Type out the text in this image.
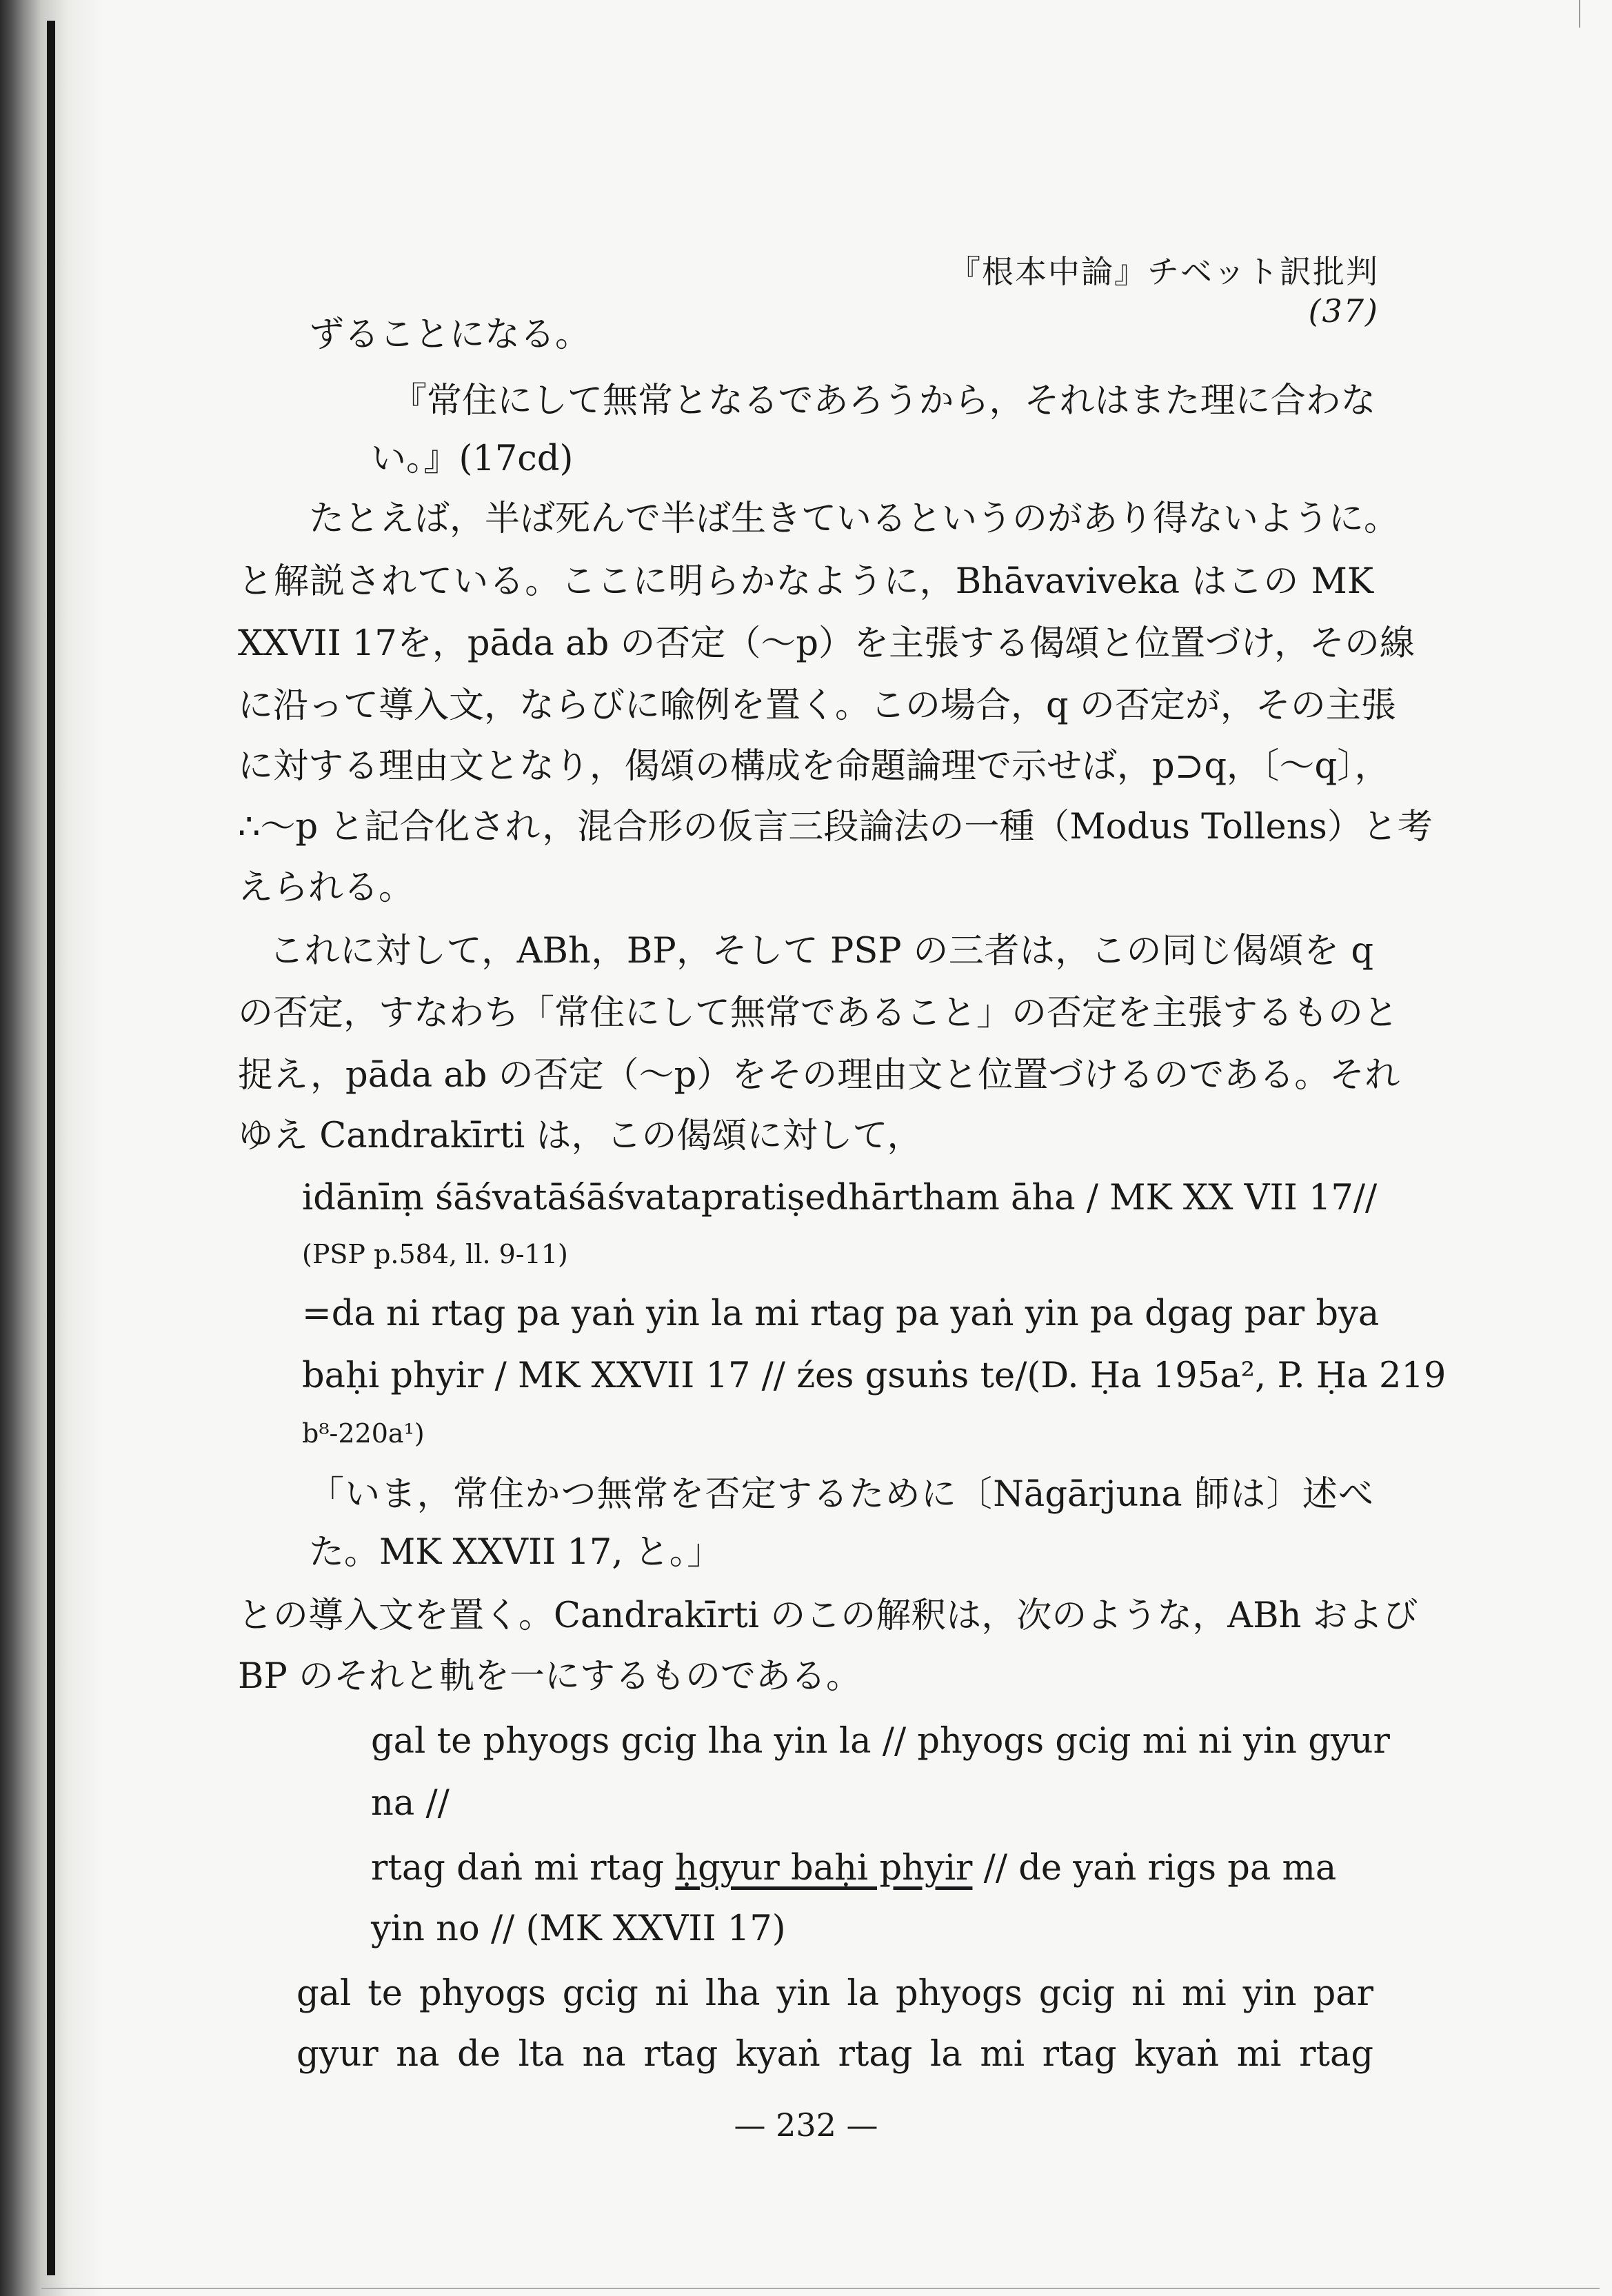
『根本中論』チベット訳批判(37)
ずることになる。
『常住にして無常となるであろうから，それはまた理に合わな
い。』(17cd)
たとえば，半ば死んで半ば生きているというのがあり得ないように。
と解説されている。ここに明らかなように，Bhāvaviveka はこの MK
XXVII 17を，pāda ab の否定（〜p）を主張する偈頌と位置づけ，その線
に沿って導入文，ならびに喩例を置く。この場合，q の否定が，その主張
に対する理由文となり，偈頌の構成を命題論理で示せば，p⊃q，〔〜q〕，
∴〜p と記合化され，混合形の仮言三段論法の一種（Modus Tollens）と考
えられる。
これに対して，ABh，BP，そして PSP の三者は，この同じ偈頌を q
の否定，すなわち「常住にして無常であること」の否定を主張するものと
捉え，pāda ab の否定（〜p）をその理由文と位置づけるのである。それ
ゆえ Candrakīrti は，この偈頌に対して，
idānīṃ śāśvatāśāśvatapratiṣedhārtham āha / MK XX VII 17//
(PSP p.584, ll. 9-11)
=da ni rtag pa yaṅ yin la mi rtag pa yaṅ yin pa dgag par bya
baḥi phyir / MK XXVII 17 // źes gsuṅs te/(D. Ḥa 195a², P. Ḥa 219
b⁸-220a¹)
「いま，常住かつ無常を否定するために〔Nāgārjuna 師は〕述べ
た。MK XXVII 17, と。」
との導入文を置く。Candrakīrti のこの解釈は，次のような，ABh および
BP のそれと軌を一にするものである。
gal te phyogs gcig lha yin la // phyogs gcig mi ni yin gyur
na //
rtag daṅ mi rtag ḥgyur baḥi phyir // de yaṅ rigs pa ma
yin no // (MK XXVII 17)
gal te phyogs gcig ni lha yin la phyogs gcig ni mi yin par
gyur na de lta na rtag kyaṅ rtag la mi rtag kyaṅ mi rtag
— 232 —
